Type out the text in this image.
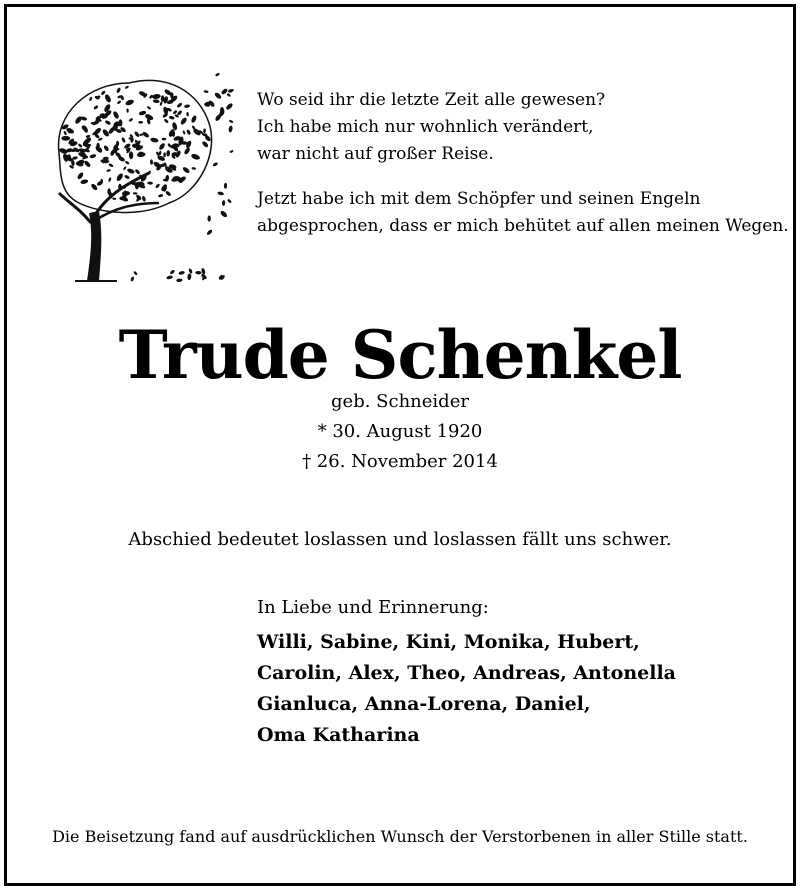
Wo seid ihr die letzte Zeit alle gewesen?
Ich habe mich nur wohnlich verändert,
war nicht auf großer Reise.

Jetzt habe ich mit dem Schöpfer und seinen Engeln
abgesprochen, dass er mich behütet auf allen meinen Wegen.

Trude Schenkel
geb. Schneider
* 30. August 1920
† 26. November 2014
Abschied bedeutet loslassen und loslassen fällt uns schwer.
In Liebe und Erinnerung:
Willi, Sabine, Kini, Monika, Hubert,
Carolin, Alex, Theo, Andreas, Antonella
Gianluca, Anna-Lorena, Daniel,
Oma Katharina
Die Beisetzung fand auf ausdrücklichen Wunsch der Verstorbenen in aller Stille statt.
